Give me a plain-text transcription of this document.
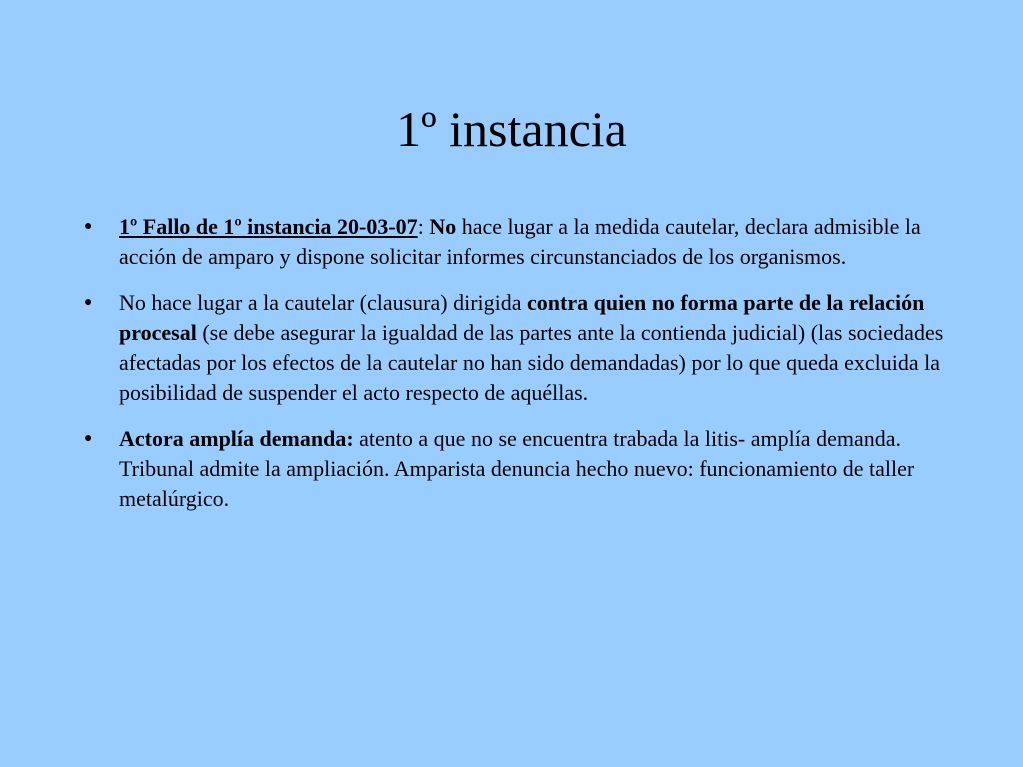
1º instancia
● 1º Fallo de 1º instancia 20-03-07: No hace lugar a la medida cautelar, declara admisible la acción de amparo y dispone solicitar informes circunstanciados de los organismos.
● No hace lugar a la cautelar (clausura) dirigida contra quien no forma parte de la relación procesal (se debe asegurar la igualdad de las partes ante la contienda judicial) (las sociedades afectadas por los efectos de la cautelar no han sido demandadas) por lo que queda excluida la posibilidad de suspender el acto respecto de aquéllas.
● Actora amplía demanda: atento a que no se encuentra trabada la litis- amplía demanda. Tribunal admite la ampliación. Amparista denuncia hecho nuevo: funcionamiento de taller metalúrgico.
